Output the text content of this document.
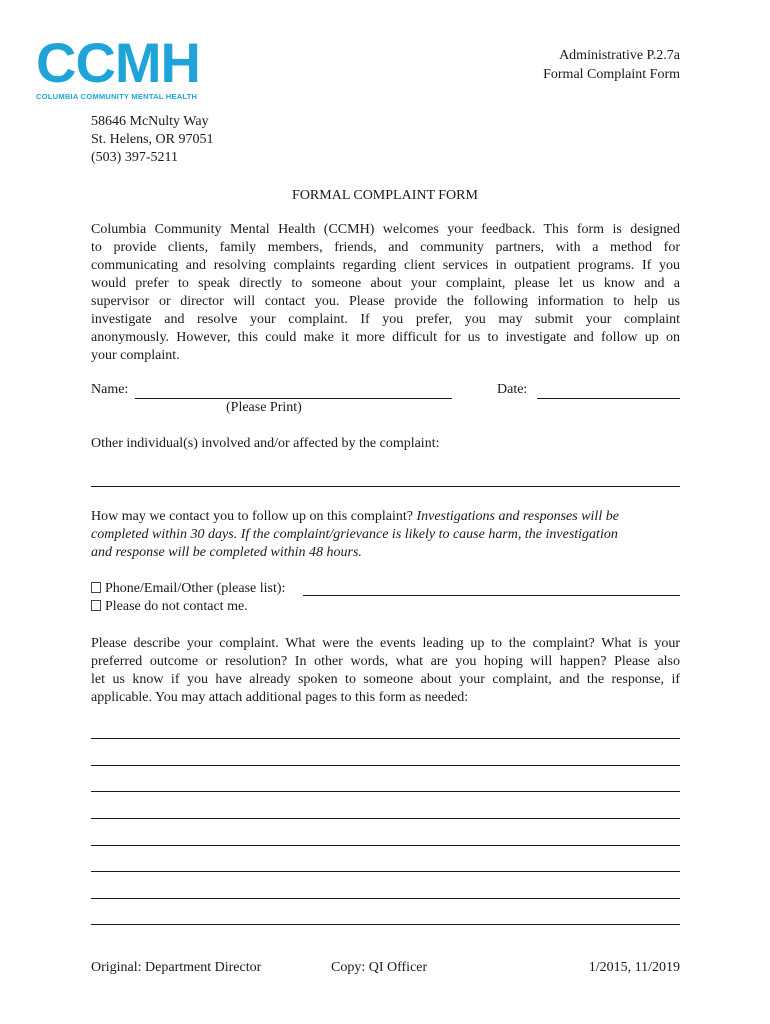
CCMH
COLUMBIA COMMUNITY MENTAL HEALTH
Administrative P.2.7a
Formal Complaint Form
58646 McNulty Way
St. Helens, OR 97051
(503) 397-5211
FORMAL COMPLAINT FORM
Columbia Community Mental Health (CCMH) welcomes your feedback. This form is designed
to provide clients, family members, friends, and community partners, with a method for
communicating and resolving complaints regarding client services in outpatient programs. If you
would prefer to speak directly to someone about your complaint, please let us know and a
supervisor or director will contact you. Please provide the following information to help us
investigate and resolve your complaint. If you prefer, you may submit your complaint
anonymously. However, this could make it more difficult for us to investigate and follow up on
your complaint.
Name:
(Please Print)
Date:
Other individual(s) involved and/or affected by the complaint:
How may we contact you to follow up on this complaint? Investigations and responses will be
completed within 30 days. If the complaint/grievance is likely to cause harm, the investigation
and response will be completed within 48 hours.
Phone/Email/Other (please list):
Please do not contact me.
Please describe your complaint. What were the events leading up to the complaint? What is your
preferred outcome or resolution? In other words, what are you hoping will happen? Please also
let us know if you have already spoken to someone about your complaint, and the response, if
applicable. You may attach additional pages to this form as needed:
Original: Department Director	Copy: QI Officer	1/2015, 11/2019
